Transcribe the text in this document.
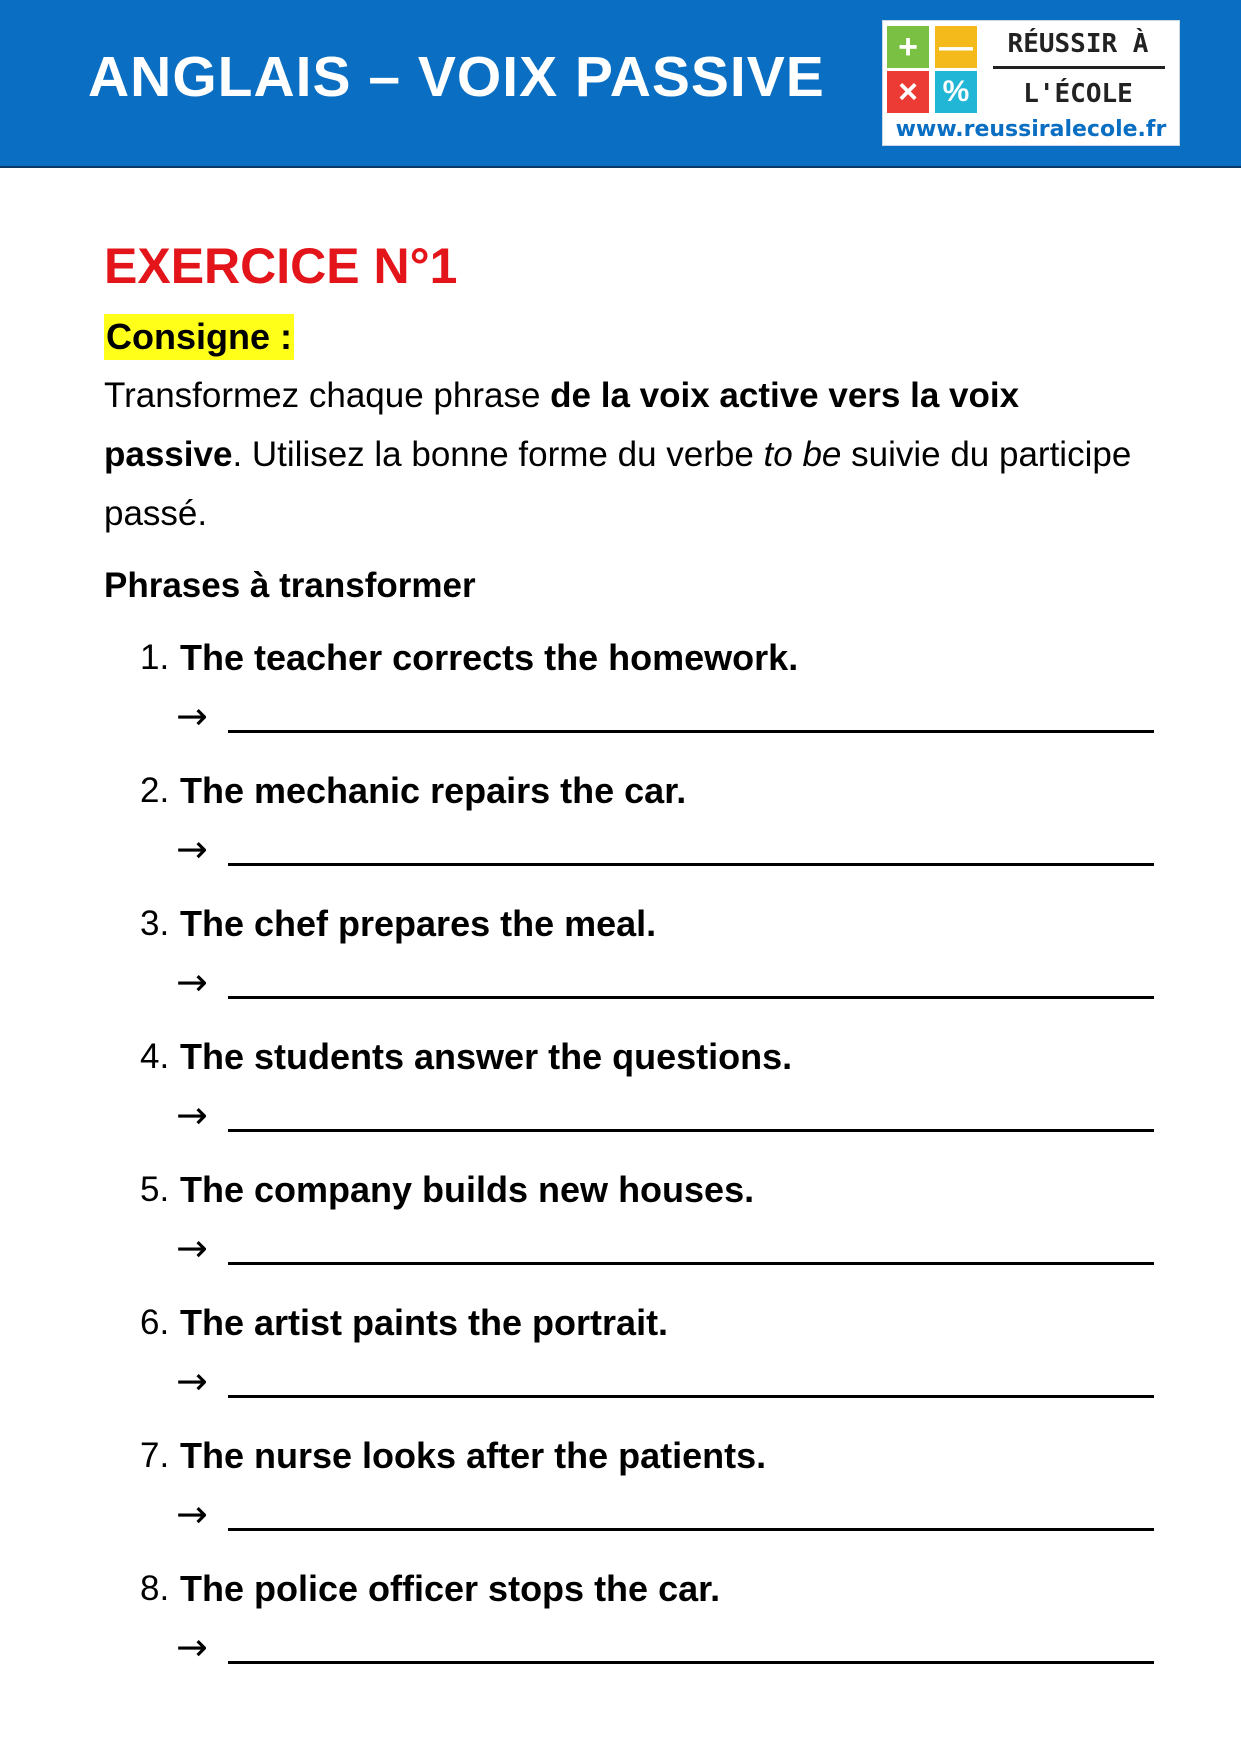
ANGLAIS – VOIX PASSIVE	+ —
× %
RÉUSSIR À
L'ÉCOLE
www.reussiralecole.fr
EXERCICE N°1
Consigne :
Transformez chaque phrase de la voix active vers la voix passive. Utilisez la bonne forme du verbe to be suivie du participe passé.
Phrases à transformer
1. The teacher corrects the homework.
→
2. The mechanic repairs the car.
→
3. The chef prepares the meal.
→
4. The students answer the questions.
→
5. The company builds new houses.
→
6. The artist paints the portrait.
→
7. The nurse looks after the patients.
→
8. The police officer stops the car.
→
